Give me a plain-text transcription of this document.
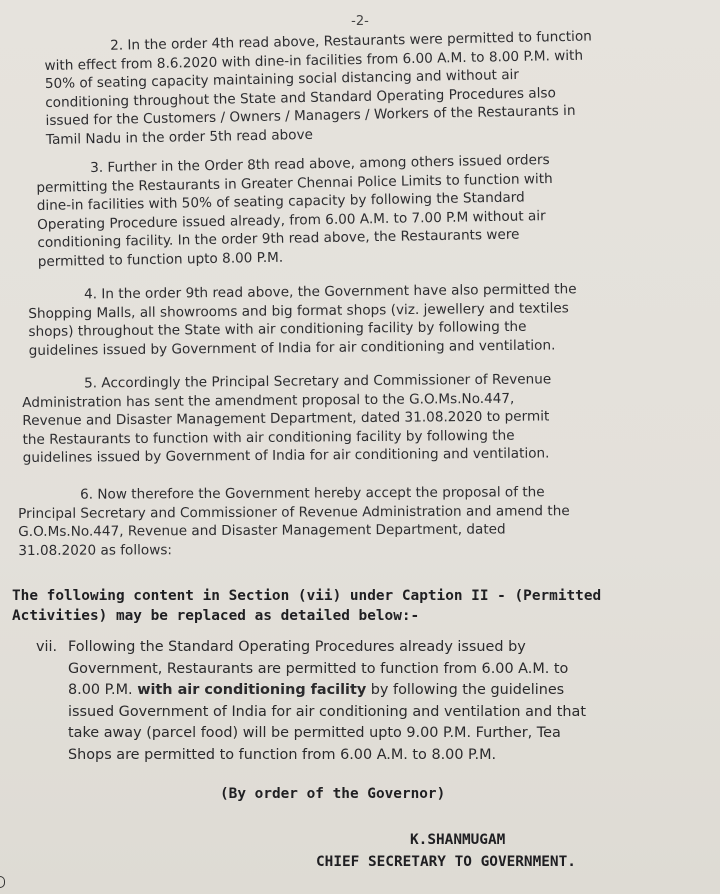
-2-

2. In the order 4th read above, Restaurants were permitted to function
with effect from 8.6.2020 with dine-in facilities from 6.00 A.M. to 8.00 P.M. with
50% of seating capacity maintaining social distancing and without air
conditioning throughout the State and Standard Operating Procedures also
issued for the Customers / Owners / Managers / Workers of the Restaurants in
Tamil Nadu in the order 5th read above

3. Further in the Order 8th read above, among others issued orders
permitting the Restaurants in Greater Chennai Police Limits to function with
dine-in facilities with 50% of seating capacity by following the Standard
Operating Procedure issued already, from 6.00 A.M. to 7.00 P.M without air
conditioning facility. In the order 9th read above, the Restaurants were
permitted to function upto 8.00 P.M.

4. In the order 9th read above, the Government have also permitted the
Shopping Malls, all showrooms and big format shops (viz. jewellery and textiles
shops) throughout the State with air conditioning facility by following the
guidelines issued by Government of India for air conditioning and ventilation.

5. Accordingly the Principal Secretary and Commissioner of Revenue
Administration has sent the amendment proposal to the G.O.Ms.No.447,
Revenue and Disaster Management Department, dated 31.08.2020 to permit
the Restaurants to function with air conditioning facility by following the
guidelines issued by Government of India for air conditioning and ventilation.

6. Now therefore the Government hereby accept the proposal of the
Principal Secretary and Commissioner of Revenue Administration and amend the
G.O.Ms.No.447, Revenue and Disaster Management Department, dated
31.08.2020 as follows:

The following content in Section (vii) under Caption II - (Permitted
Activities) may be replaced as detailed below:-
vii. Following the Standard Operating Procedures already issued by
Government, Restaurants are permitted to function from 6.00 A.M. to
8.00 P.M. with air conditioning facility by following the guidelines
issued Government of India for air conditioning and ventilation and that
take away (parcel food) will be permitted upto 9.00 P.M. Further, Tea
Shops are permitted to function from 6.00 A.M. to 8.00 P.M.
(By order of the Governor)
K.SHANMUGAM
CHIEF SECRETARY TO GOVERNMENT.
